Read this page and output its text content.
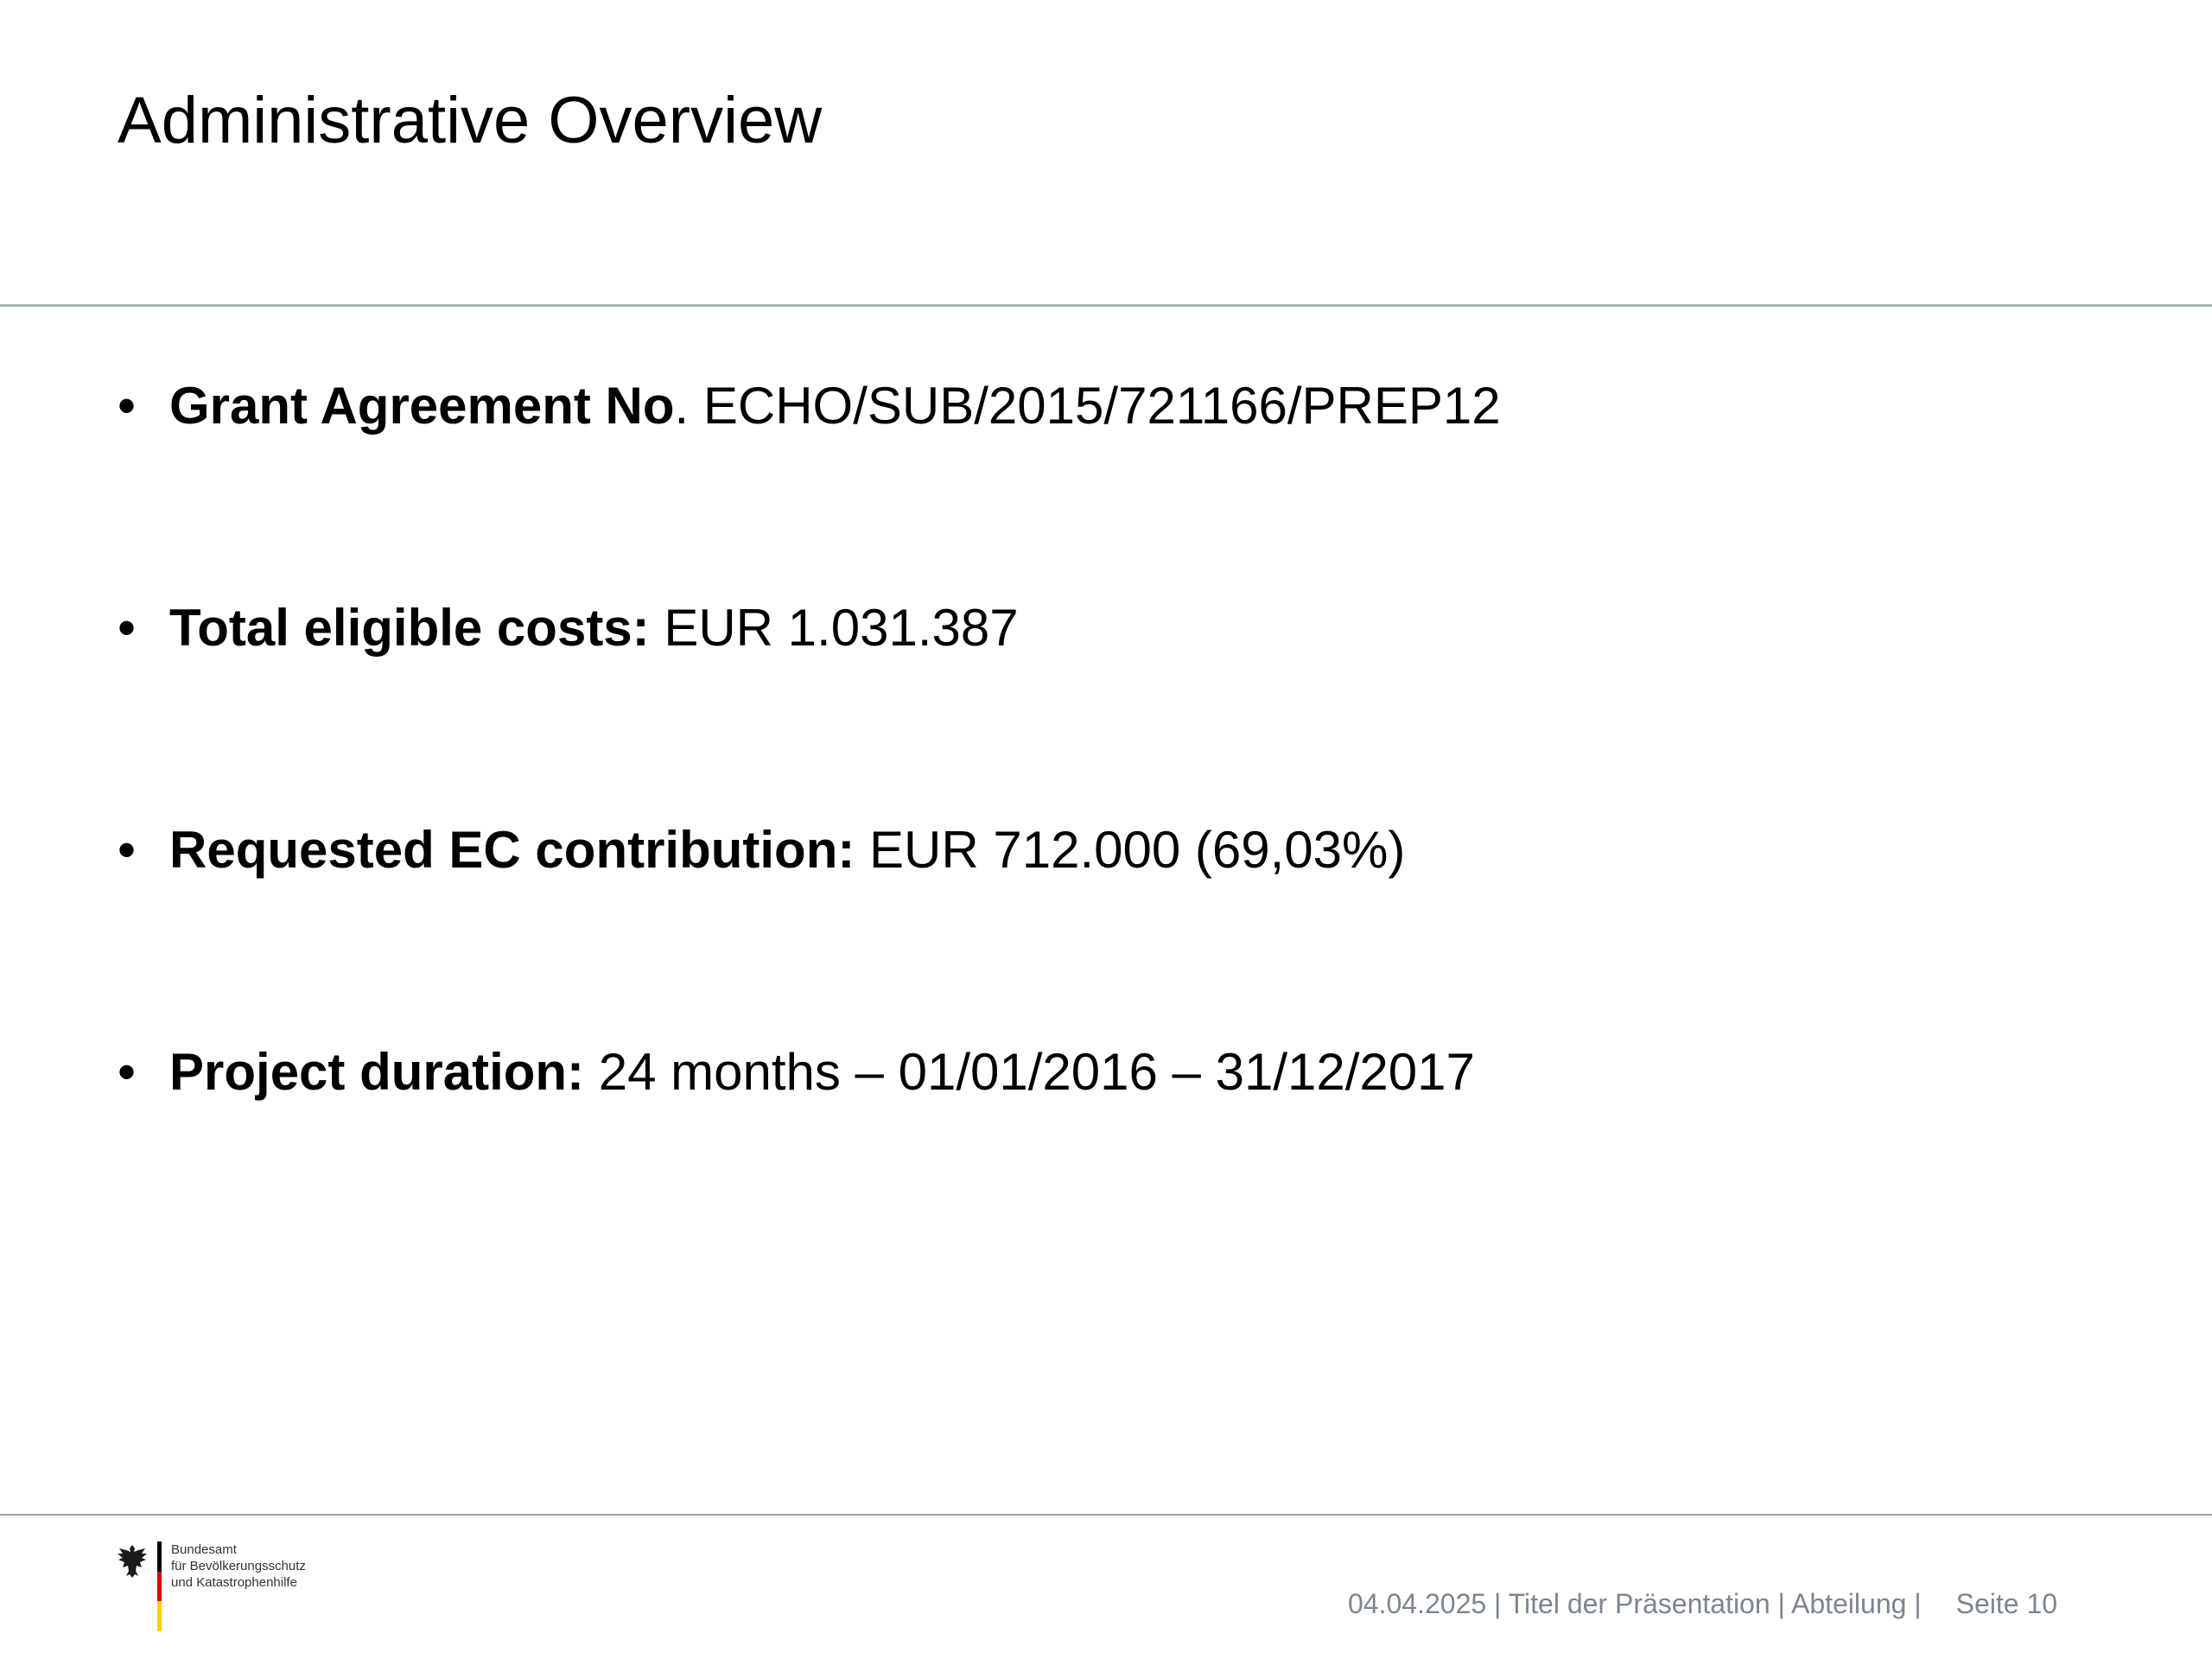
Administrative Overview
• Grant Agreement No. ECHO/SUB/2015/721166/PREP12
• Total eligible costs: EUR 1.031.387
• Requested EC contribution: EUR 712.000 (69,03%)
• Project duration: 24 months – 01/01/2016 – 31/12/2017
Bundesamt
für Bevölkerungsschutz
und Katastrophenhilfe
04.04.2025 | Titel der Präsentation | Abteilung | Seite 10
